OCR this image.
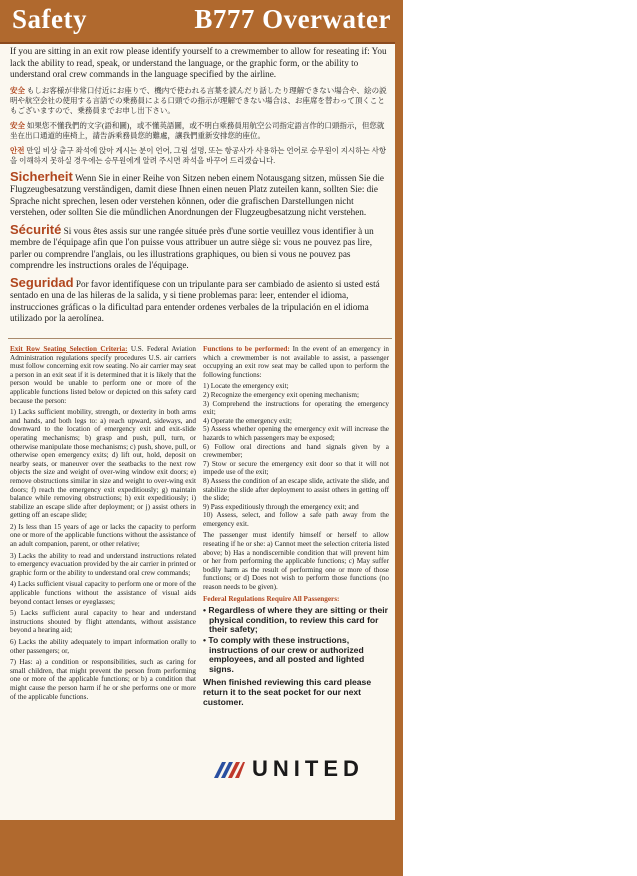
Safety	B777 Overwater

If you are sitting in an exit row please identify yourself to a crewmember to allow for reseating if: You lack the ability to read, speak, or understand the language, or the graphic form, or the ability to understand oral crew commands in the language specified by the airline.

安全 もしお客様が非常口付近にお座りで、機内で使われる言葉を読んだり話したり理解できない場合や、絵の説明や航空会社の使用する言語での乗務員による口頭での指示が理解できない場合は、お座席を替わって頂くこともございますので、乗務員までお申し出下さい。

安全 如果您不懂我們的文字(語和圖)，或不懂英語圖，或不明白乘務員用航空公司指定語言作的口頭指示，但您就坐在出口通道的座椅上，請告訴乘務員您的難處，讓我們重新安排您的座位。

안전 만일 비상 출구 좌석에 앉아 계시는 분이 언어, 그림 설명, 또는 항공사가 사용하는 언어로 승무원이 지시하는 사항을 이해하지 못하실 경우에는 승무원에게 알려 주시면 좌석을 바꾸어 드리겠습니다.

Sicherheit Wenn Sie in einer Reihe von Sitzen neben einem Notausgang sitzen, müssen Sie die Flugzeugbesatzung verständigen, damit diese Ihnen einen neuen Platz zuteilen kann, sollten Sie: die Sprache nicht sprechen, lesen oder verstehen können, oder die grafischen Darstellungen nicht verstehen, oder sollten Sie die mündlichen Anordnungen der Flugzeugbesatzung nicht verstehen.

Sécurité Si vous êtes assis sur une rangée située près d'une sortie veuillez vous identifier à un membre de l'équipage afin que l'on puisse vous attribuer un autre siège si: vous ne pouvez pas lire, parler ou comprendre l'anglais, ou les illustrations graphiques, ou bien si vous ne pouvez pas comprendre les instructions orales de l'équipage.

Seguridad Por favor identifíquese con un tripulante para ser cambiado de asiento si usted está sentado en una de las hileras de la salida, y si tiene problemas para: leer, entender el idioma, instrucciones gráficas o la dificultad para entender ordenes verbales de la tripulación en el idioma utilizado por la aerolínea.

Exit Row Seating Selection Criteria: U.S. Federal Aviation Administration regulations specify procedures U.S. air carriers must follow concerning exit row seating. No air carrier may seat a person in an exit seat if it is determined that it is likely that the person would be unable to perform one or more of the applicable functions listed below or depicted on this safety card because the person:

1) Lacks sufficient mobility, strength, or dexterity in both arms and hands, and both legs to: a) reach upward, sideways, and downward to the location of emergency exit and exit-slide operating mechanisms; b) grasp and push, pull, turn, or otherwise manipulate those mechanisms; c) push, shove, pull, or otherwise open emergency exits; d) lift out, hold, deposit on nearby seats, or maneuver over the seatbacks to the next row objects the size and weight of over-wing window exit doors; e) remove obstructions similar in size and weight to over-wing exit doors; f) reach the emergency exit expeditiously; g) maintain balance while removing obstructions; h) exit expeditiously; i) stabilize an escape slide after deployment; or j) assist others in getting off an escape slide;

2) Is less than 15 years of age or lacks the capacity to perform one or more of the applicable functions without the assistance of an adult companion, parent, or other relative;

3) Lacks the ability to read and understand instructions related to emergency evacuation provided by the air carrier in printed or graphic form or the ability to understand oral crew commands;

4) Lacks sufficient visual capacity to perform one or more of the applicable functions without the assistance of visual aids beyond contact lenses or eyeglasses;

5) Lacks sufficient aural capacity to hear and understand instructions shouted by flight attendants, without assistance beyond a hearing aid;

6) Lacks the ability adequately to impart information orally to other passengers; or,

7) Has: a) a condition or responsibilities, such as caring for small children, that might prevent the person from performing one or more of the applicable functions; or b) a condition that might cause the person harm if he or she performs one or more of the applicable functions.

Functions to be performed: In the event of an emergency in which a crewmember is not available to assist, a passenger occupying an exit row seat may be called upon to perform the following functions:

1) Locate the emergency exit;
2) Recognize the emergency exit opening mechanism;
3) Comprehend the instructions for operating the emergency exit;
4) Operate the emergency exit;
5) Assess whether opening the emergency exit will increase the hazards to which passengers may be exposed;
6) Follow oral directions and hand signals given by a crewmember;
7) Stow or secure the emergency exit door so that it will not impede use of the exit;
8) Assess the condition of an escape slide, activate the slide, and stabilize the slide after deployment to assist others in getting off the slide;
9) Pass expeditiously through the emergency exit; and

10) Assess, select, and follow a safe path away from the emergency exit.

The passenger must identify himself or herself to allow reseating if he or she: a) Cannot meet the selection criteria listed above; b) Has a nondiscernible condition that will prevent him or her from performing the applicable functions; c) May suffer bodily harm as the result of performing one or more of those functions; or d) Does not wish to perform those functions (no reason needs to be given).

Federal Regulations Require All Passengers:

• Regardless of where they are sitting or their physical condition, to review this card for their safety;
• To comply with these instructions, instructions of our crew or authorized employees, and all posted and lighted signs.
When finished reviewing this card please return it to the seat pocket for our next customer.
UNITED
